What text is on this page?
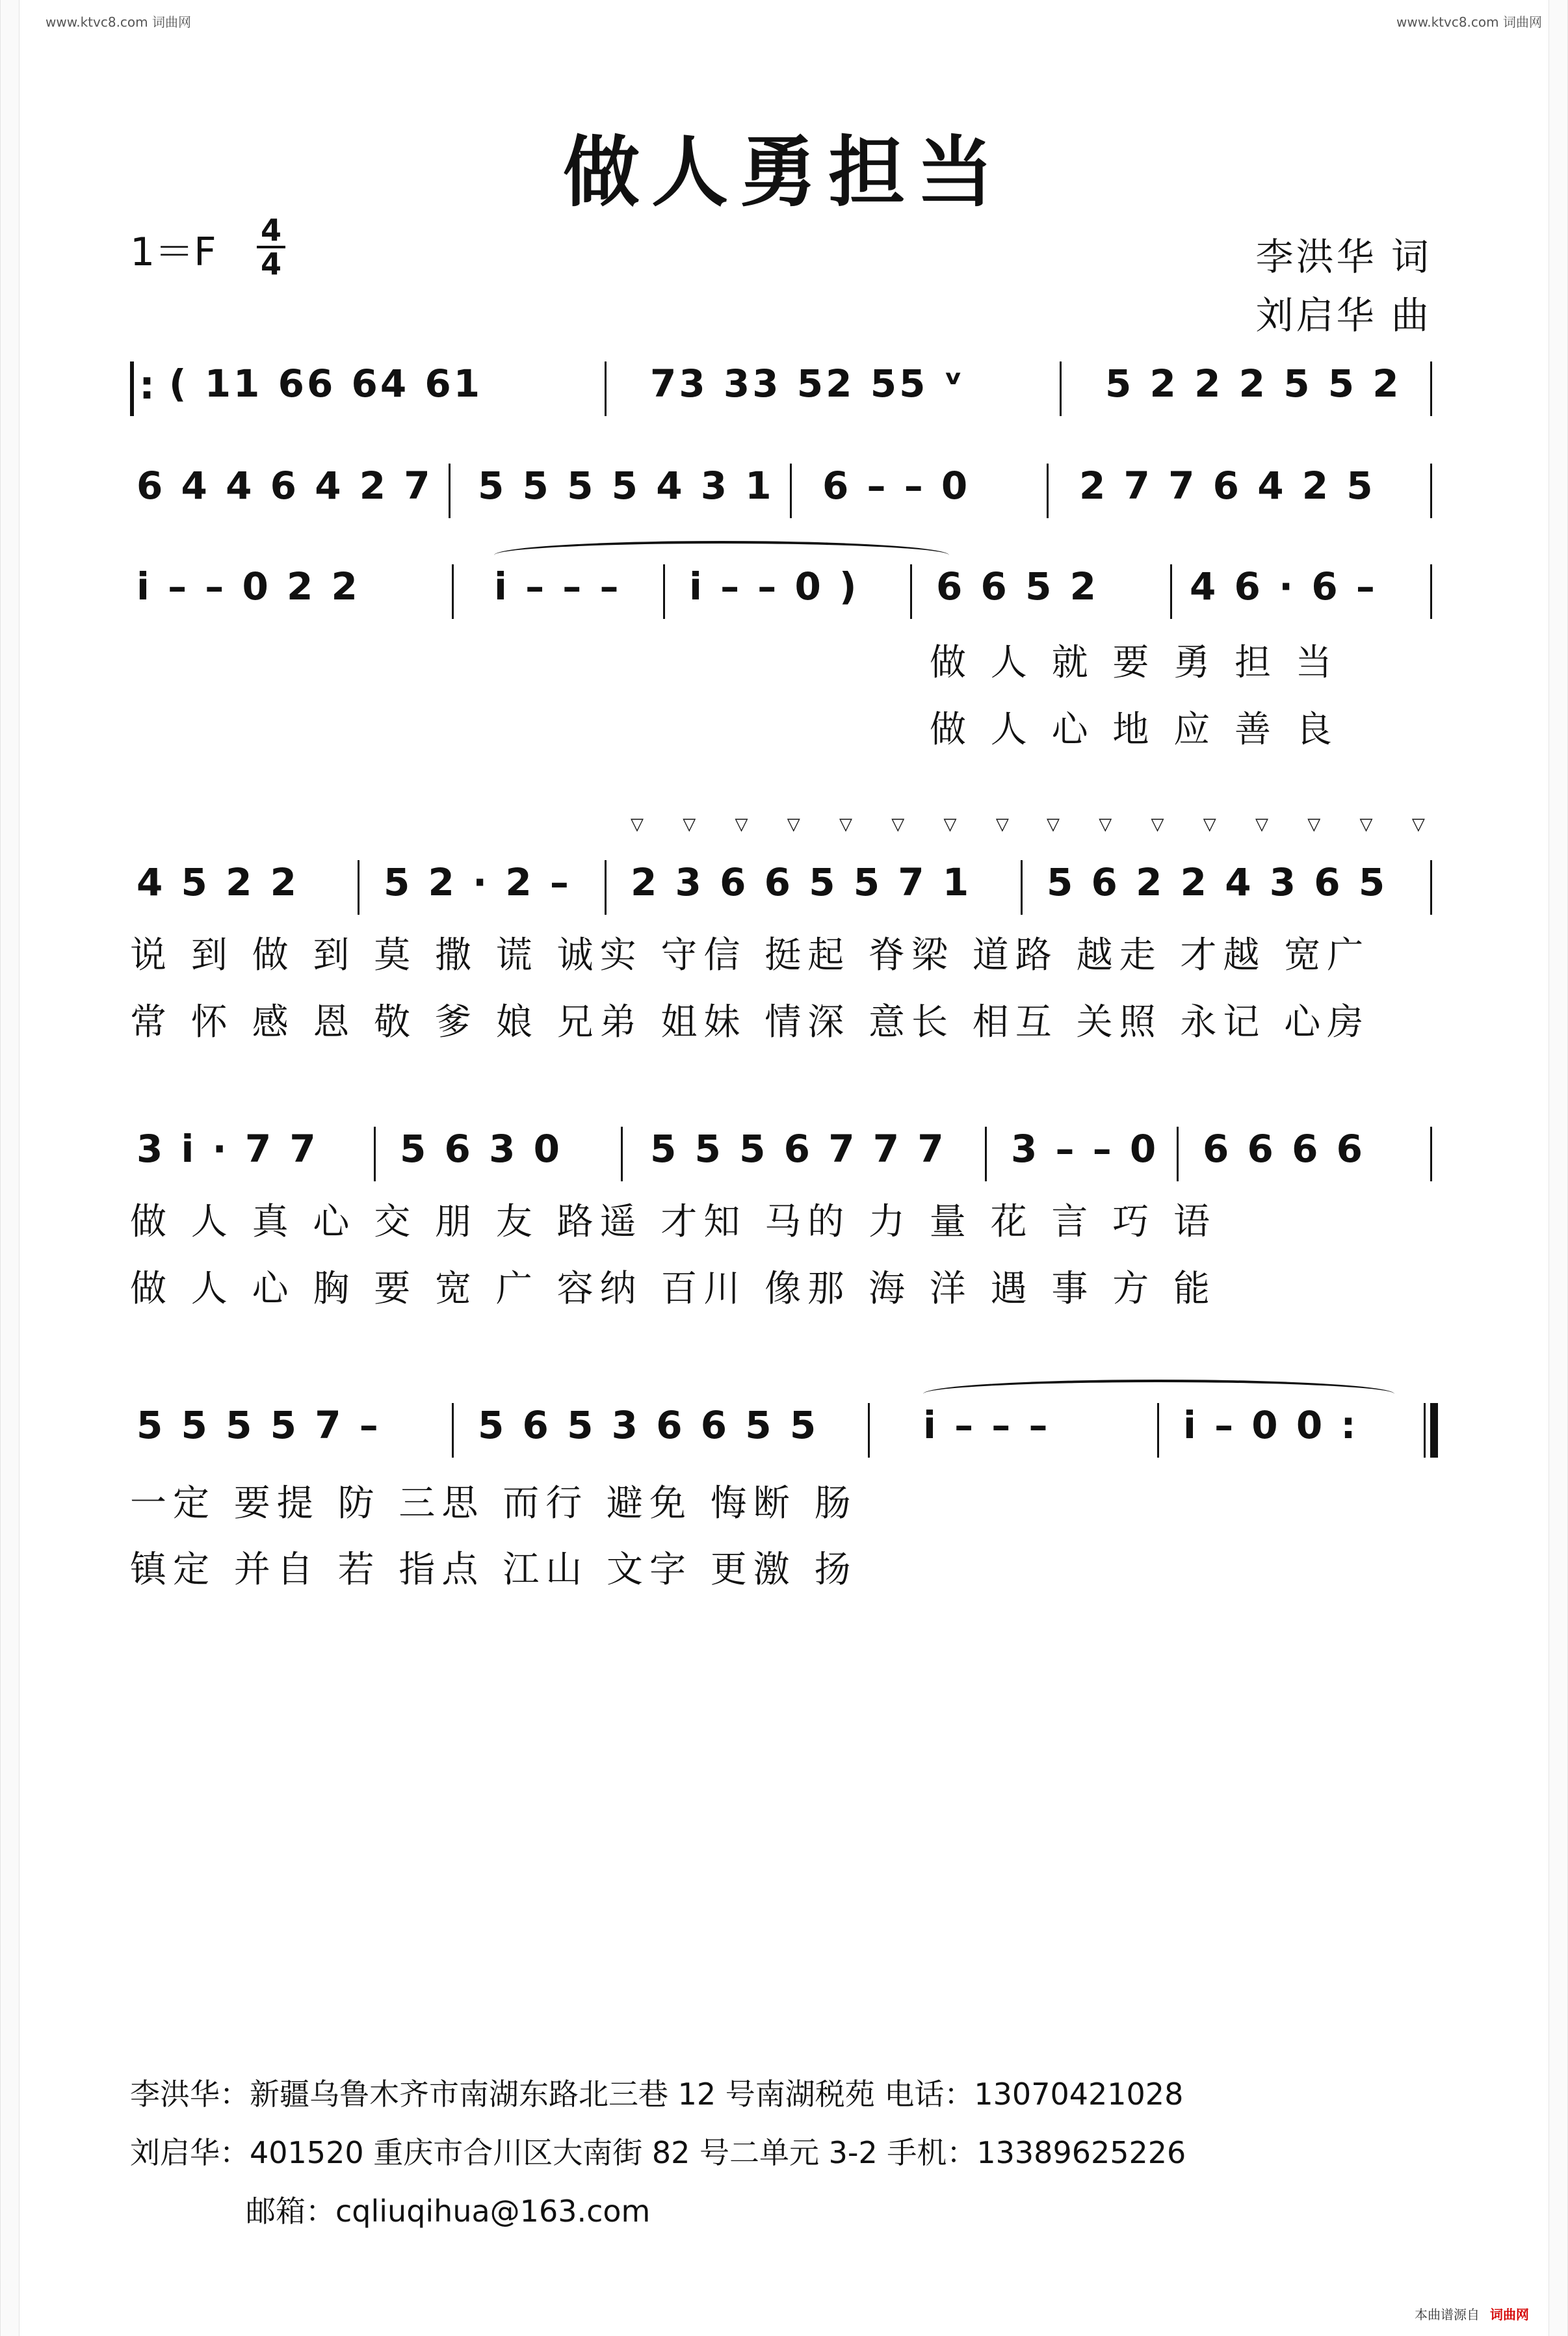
www.ktvc8.com 词曲网	www.ktvc8.com 词曲网
做人勇担当
1＝F 4
4	李洪华 词
刘启华 曲
: ( 11 66 64 61	73 33 52 55 ᵛ	5 2 2 2 5 5 2
6 4 4 6 4 2 7 5 5 5 5 4 3 1 6 – – 0	2 7 7 6 4 2 5
i – – 0 2 2	i – – – i – – 0 ) 6 6 5 2 4 6 · 6 –
做 人 就 要 勇 担 当
做 人 心 地 应 善 良
4 5 2 2 5 2 · 2 –
▽ ▽ ▽ ▽ ▽ ▽ ▽ ▽
2 3 6 6 5 5 7 1
▽ ▽ ▽ ▽ ▽ ▽ ▽ ▽
5 6 2 2 4 3 6 5
说 到 做 到 莫 撒 谎 诚实 守信 挺起 脊梁 道路 越走 才越 宽广
常 怀 感 恩 敬 爹 娘 兄弟 姐妹 情深 意长 相互 关照 永记 心房
3 i · 7 7 5 6 3 0 5 5 5 6 7 7 7 3 – – 0 6 6 6 6
做 人 真 心 交 朋 友 路遥 才知 马的 力 量 花 言 巧 语
做 人 心 胸 要 宽 广 容纳 百川 像那 海 洋 遇 事 方 能
5 5 5 5 7 –	5 6 5 3 6 6 5 5	i – – –	i – 0 0 :
一定 要提 防 三思 而行 避免 悔断 肠
镇定 并自 若 指点 江山 文字 更激 扬
李洪华：新疆乌鲁木齐市南湖东路北三巷 12 号南湖税苑 电话：13070421028
刘启华：401520 重庆市合川区大南街 82 号二单元 3-2 手机：13389625226
邮箱：cqliuqihua@163.com
本曲谱源自 词曲网
